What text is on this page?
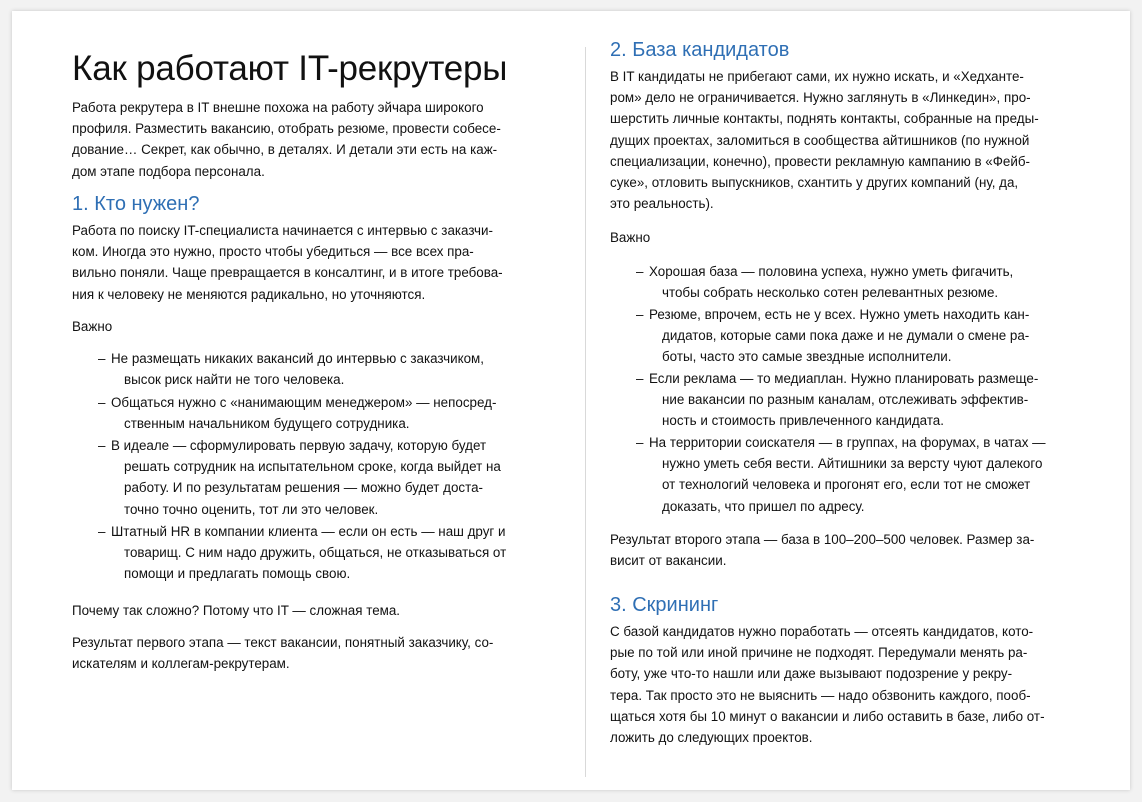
Как работают IT-рекрутеры

Работа рекрутера в IT внешне похожа на работу эйчара широкого
профиля. Разместить вакансию, отобрать резюме, провести собесе-
дование… Секрет, как обычно, в деталях. И детали эти есть на каж-
дом этапе подбора персонала.

1. Кто нужен?

Работа по поиску IT-специалиста начинается с интервью с заказчи-
ком. Иногда это нужно, просто чтобы убедиться — все всех пра-
вильно поняли. Чаще превращается в консалтинг, и в итоге требова-
ния к человеку не меняются радикально, но уточняются.

Важно

– Не размещать никаких вакансий до интервью с заказчиком,
высок риск найти не того человека.
– Общаться нужно с «нанимающим менеджером» — непосред-
ственным начальником будущего сотрудника.
– В идеале — сформулировать первую задачу, которую будет
решать сотрудник на испытательном сроке, когда выйдет на
работу. И по результатам решения — можно будет доста-
точно точно оценить, тот ли это человек.
– Штатный HR в компании клиента — если он есть — наш друг и
товарищ. С ним надо дружить, общаться, не отказываться от
помощи и предлагать помощь свою.

Почему так сложно? Потому что IT — сложная тема.

Результат первого этапа — текст вакансии, понятный заказчику, со-
искателям и коллегам-рекрутерам.

2. База кандидатов

В IT кандидаты не прибегают сами, их нужно искать, и «Хедханте-
ром» дело не ограничивается. Нужно заглянуть в «Линкедин», про-
шерстить личные контакты, поднять контакты, собранные на преды-
дущих проектах, заломиться в сообщества айтишников (по нужной
специализации, конечно), провести рекламную кампанию в «Фейб-
суке», отловить выпускников, схантить у других компаний (ну, да,
это реальность).

Важно

– Хорошая база — половина успеха, нужно уметь фигачить,
чтобы собрать несколько сотен релевантных резюме.
– Резюме, впрочем, есть не у всех. Нужно уметь находить кан-
дидатов, которые сами пока даже и не думали о смене ра-
боты, часто это самые звездные исполнители.
– Если реклама — то медиаплан. Нужно планировать размеще-
ние вакансии по разным каналам, отслеживать эффектив-
ность и стоимость привлеченного кандидата.
– На территории соискателя — в группах, на форумах, в чатах —
нужно уметь себя вести. Айтишники за версту чуют далекого
от технологий человека и прогонят его, если тот не сможет
доказать, что пришел по адресу.

Результат второго этапа — база в 100–200–500 человек. Размер за-
висит от вакансии.

3. Скрининг

С базой кандидатов нужно поработать — отсеять кандидатов, кото-
рые по той или иной причине не подходят. Передумали менять ра-
боту, уже что-то нашли или даже вызывают подозрение у рекру-
тера. Так просто это не выяснить — надо обзвонить каждого, пооб-
щаться хотя бы 10 минут о вакансии и либо оставить в базе, либо от-
ложить до следующих проектов.
